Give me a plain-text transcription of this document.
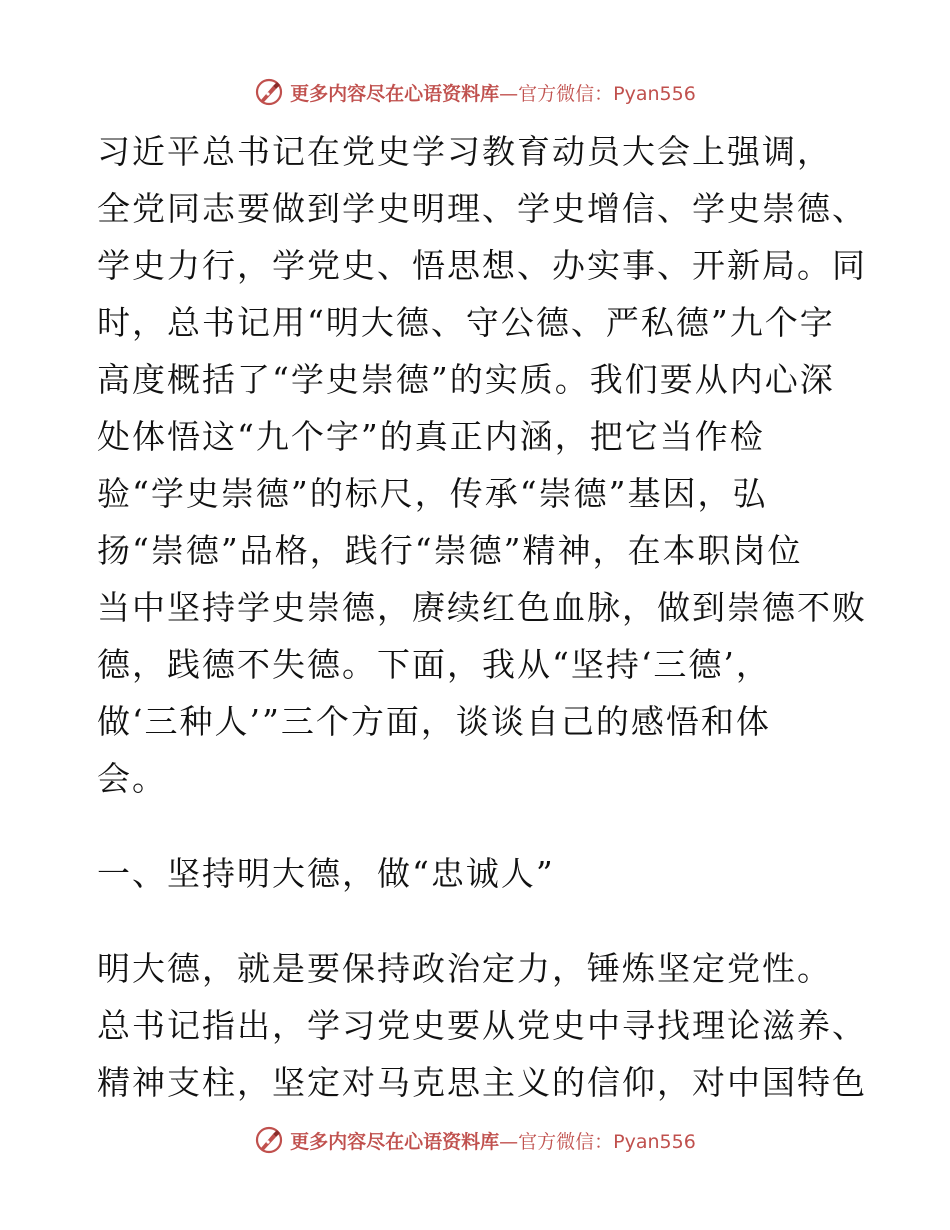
更多内容尽在心语资料库—官方微信：Pyan556

习近平总书记在党史学习教育动员大会上强调，

全党同志要做到学史明理、学史增信、学史崇德、

学史力行，学党史、悟思想、办实事、开新局。同

时，总书记用“明大德、守公德、严私德”九个字

高度概括了“学史崇德”的实质。我们要从内心深

处体悟这“九个字”的真正内涵，把它当作检

验“学史崇德”的标尺，传承“崇德”基因，弘

扬“崇德”品格，践行“崇德”精神，在本职岗位

当中坚持学史崇德，赓续红色血脉，做到崇德不败

德，践德不失德。下面，我从“坚持‘三德’，

做‘三种人’”三个方面，谈谈自己的感悟和体

会。

一、坚持明大德，做“忠诚人”

明大德，就是要保持政治定力，锤炼坚定党性。

总书记指出，学习党史要从党史中寻找理论滋养、

精神支柱，坚定对马克思主义的信仰，对中国特色

更多内容尽在心语资料库—官方微信：Pyan556
